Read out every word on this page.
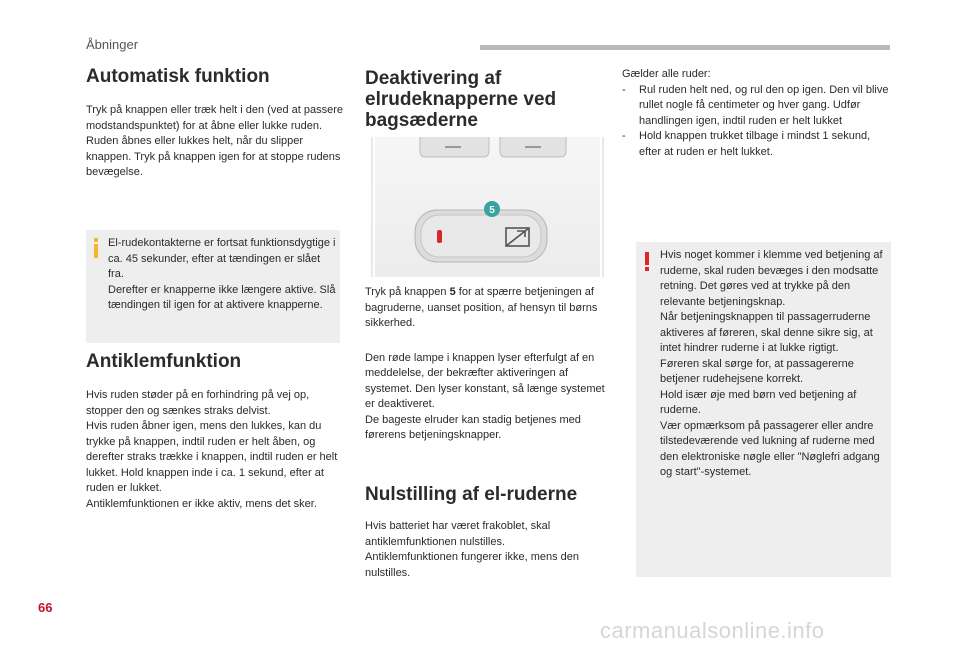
Åbninger
Automatisk funktion

Tryk på knappen eller træk helt i den (ved at passere modstandspunktet) for at åbne eller lukke ruden. Ruden åbnes eller lukkes helt, når du slipper knappen. Tryk på knappen igen for at stoppe rudens bevægelse.

El-rudekontakterne er fortsat funktionsdygtige i ca. 45 sekunder, efter at tændingen er slået fra.
Derefter er knapperne ikke længere aktive. Slå tændingen til igen for at aktivere knapperne.
Antiklemfunktion

Hvis ruden støder på en forhindring på vej op, stopper den og sænkes straks delvist.
Hvis ruden åbner igen, mens den lukkes, kan du trykke på knappen, indtil ruden er helt åben, og derefter straks trække i knappen, indtil ruden er helt lukket. Hold knappen inde i ca. 1 sekund, efter at ruden er lukket.
Antiklemfunktionen er ikke aktiv, mens det sker.

Deaktivering af elrudeknapperne ved bagsæderne
5

Tryk på knappen 5 for at spærre betjeningen af bagruderne, uanset position, af hensyn til børns sikkerhed.

Den røde lampe i knappen lyser efterfulgt af en meddelelse, der bekræfter aktiveringen af systemet. Den lyser konstant, så længe systemet er deaktiveret.
De bageste elruder kan stadig betjenes med førerens betjeningsknapper.

Nulstilling af el-ruderne

Hvis batteriet har været frakoblet, skal antiklemfunktionen nulstilles.
Antiklemfunktionen fungerer ikke, mens den nulstilles.

Gælder alle ruder:

- Rul ruden helt ned, og rul den op igen. Den vil blive rullet nogle få centimeter og hver gang. Udfør handlingen igen, indtil ruden er helt lukket
- Hold knappen trukket tilbage i mindst 1 sekund, efter at ruden er helt lukket.
Hvis noget kommer i klemme ved betjening af ruderne, skal ruden bevæges i den modsatte retning. Det gøres ved at trykke på den relevante betjeningsknap.
Når betjeningsknappen til passagerruderne aktiveres af føreren, skal denne sikre sig, at intet hindrer ruderne i at lukke rigtigt.
Føreren skal sørge for, at passagererne betjener rudehejsene korrekt.
Hold især øje med børn ved betjening af ruderne.
Vær opmærksom på passagerer eller andre tilstedeværende ved lukning af ruderne med den elektroniske nøgle eller "Nøglefri adgang og start"-systemet.
66
carmanualsonline.info
